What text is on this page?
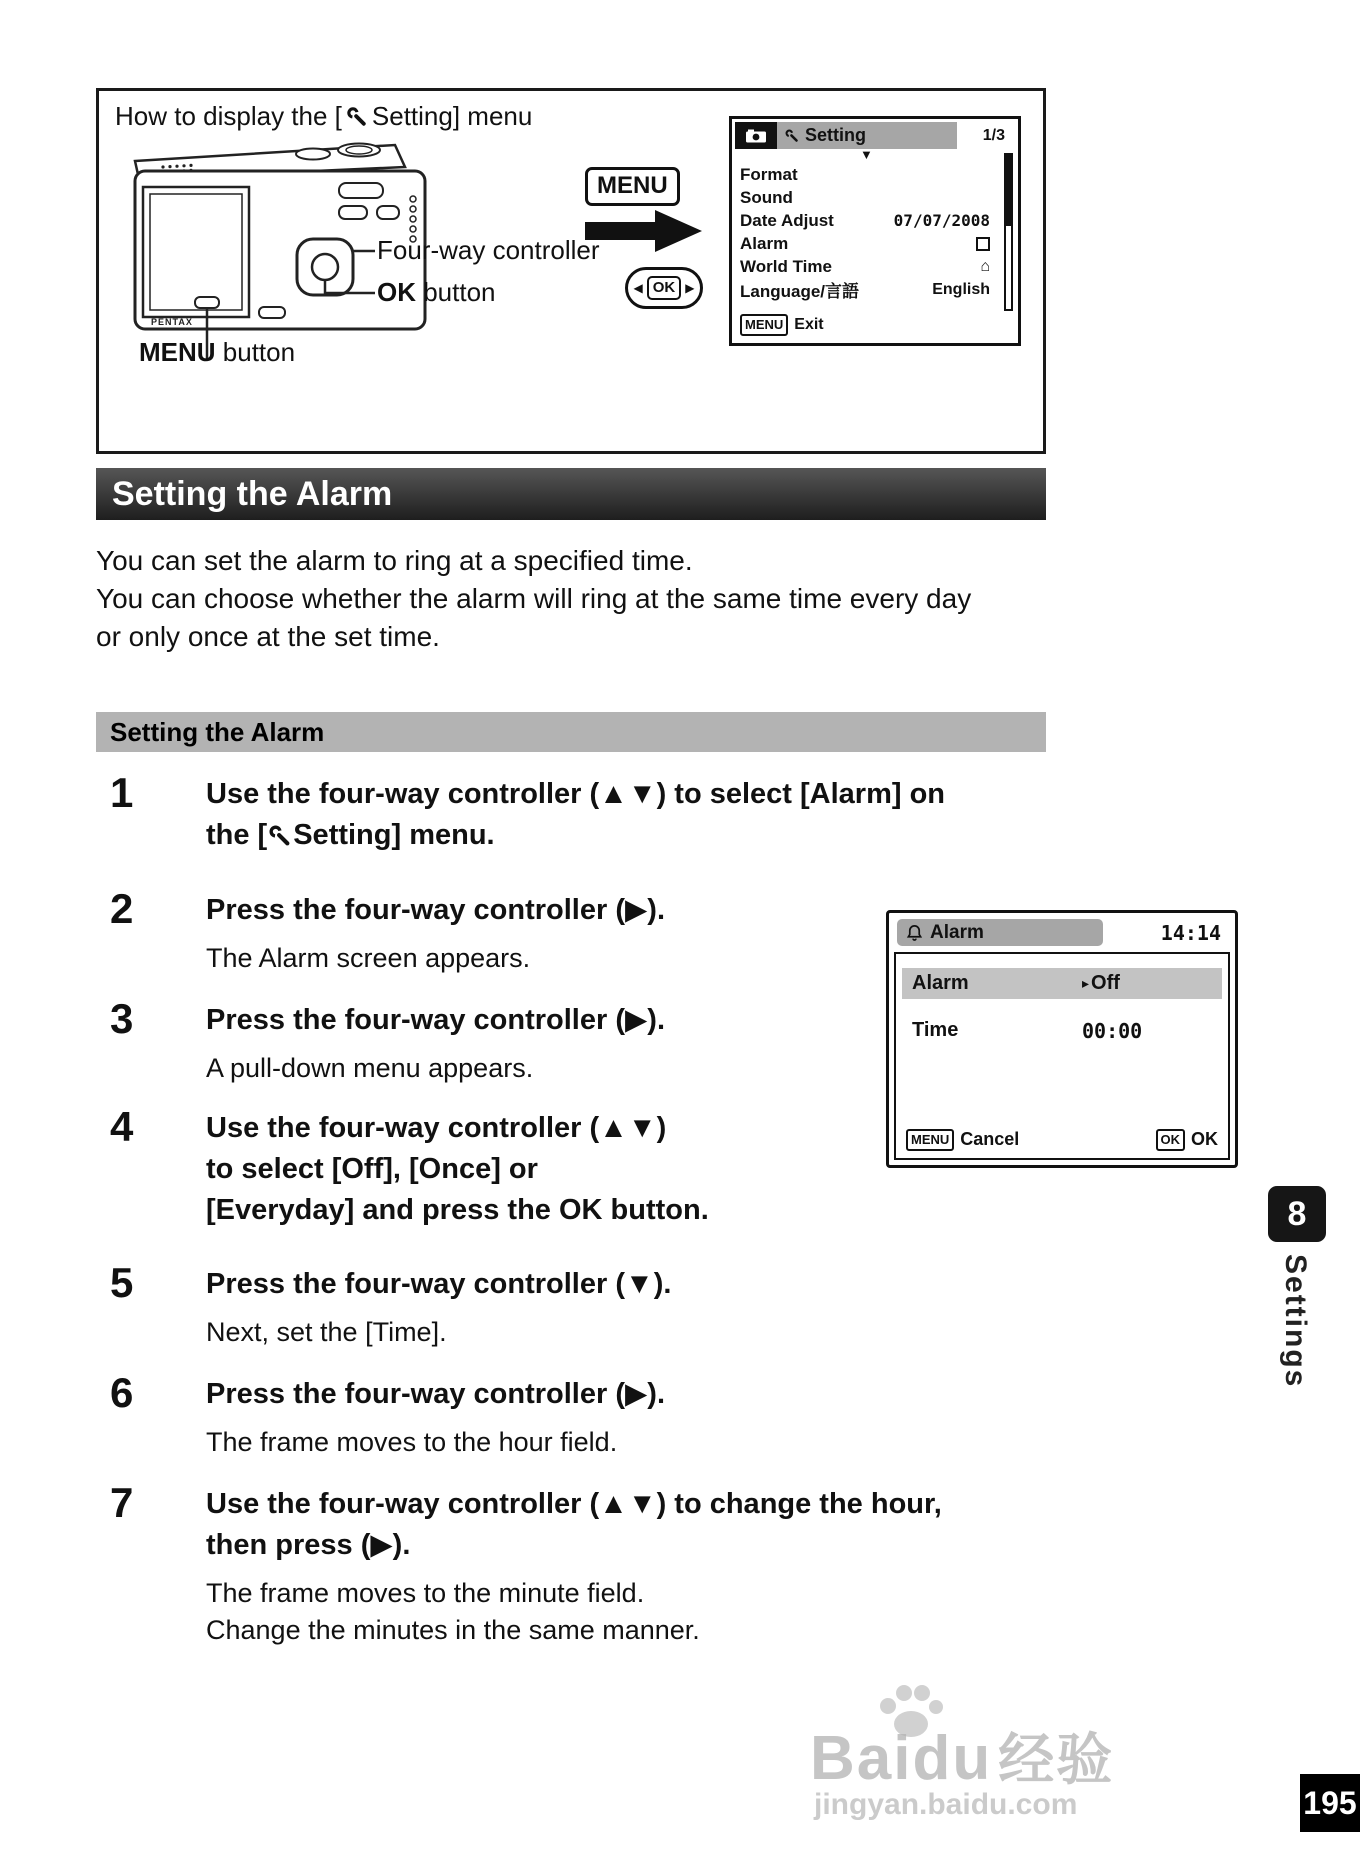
How to display the [ Setting] menu
PENTAX
Four-way controller
OK button
MENU button
MENU
◀ OK ▶
Setting	1/3
▼
Format
Sound
Date Adjust	07/07/2008
Alarm
World Time	⌂
Language/言語	English
MENU Exit
Setting the Alarm
You can set the alarm to ring at a specified time.
You can choose whether the alarm will ring at the same time every day
or only once at the set time.
Setting the Alarm
1	Use the four-way controller (▲▼) to select [Alarm] on
the [ Setting] menu.
2	Press the four-way controller (▶).
The Alarm screen appears.
3	Press the four-way controller (▶).
A pull-down menu appears.
4	Use the four-way controller (▲▼)
to select [Off], [Once] or
[Everyday] and press the OK button.
5	Press the four-way controller (▼).
Next, set the [Time].
6	Press the four-way controller (▶).
The frame moves to the hour field.
7	Use the four-way controller (▲▼) to change the hour,
then press (▶).
The frame moves to the minute field.
Change the minutes in the same manner.
Alarm	14:14
Alarm	▸ Off
Time	00:00
MENU Cancel	OK OK
8
Settings
Baidu 经验
jingyan.baidu.com	195
